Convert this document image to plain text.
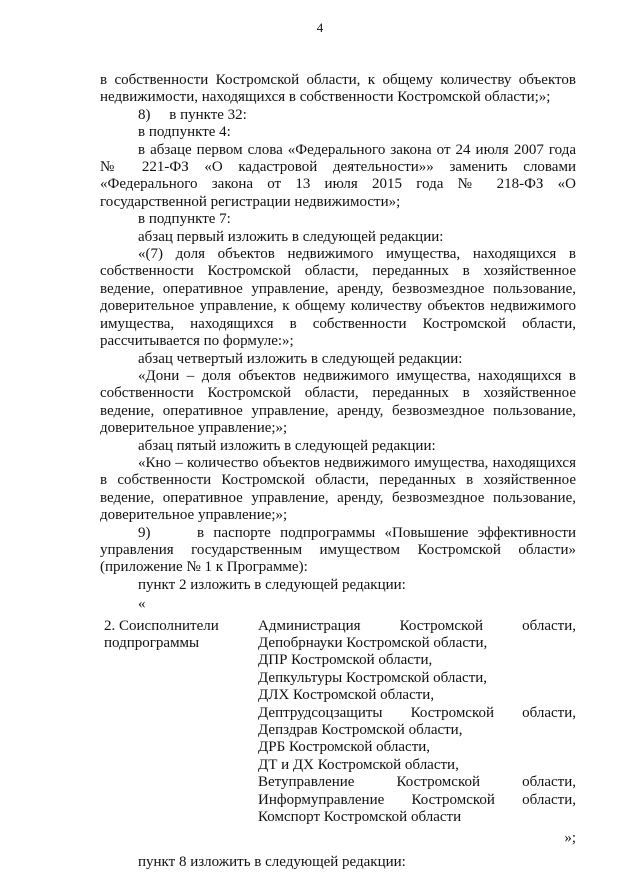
4

в собственности Костромской области, к общему количеству объектов недвижимости, находящихся в собственности Костромской области;»;

8)     в пункте 32:

в подпункте 4:

в абзаце первом слова «Федерального закона от 24 июля 2007 года № 221-ФЗ «О кадастровой деятельности»» заменить словами «Федерального закона от 13 июля 2015 года № 218-ФЗ «О государственной регистрации недвижимости»;

в подпункте 7:

абзац первый изложить в следующей редакции:

«(7) доля объектов недвижимого имущества, находящихся в собственности Костромской области, переданных в хозяйственное ведение, оперативное управление, аренду, безвозмездное пользование, доверительное управление, к общему количеству объектов недвижимого имущества, находящихся в собственности Костромской области, рассчитывается по формуле:»;

абзац четвертый изложить в следующей редакции:

«Дони – доля объектов недвижимого имущества, находящихся в собственности Костромской области, переданных в хозяйственное ведение, оперативное управление, аренду, безвозмездное пользование, доверительное управление;»;

абзац пятый изложить в следующей редакции:

«Кно – количество объектов недвижимого имущества, находящихся в собственности Костромской области, переданных в хозяйственное ведение, оперативное управление, аренду, безвозмездное пользование, доверительное управление;»;

9)     в паспорте подпрограммы «Повышение эффективности управления государственным имуществом Костромской области» (приложение № 1 к Программе):

пункт 2 изложить в следующей редакции:

«
2. Соисполнители подпрограммы
Администрация Костромской области,
Депобрнауки Костромской области,
ДПР Костромской области,
Депкультуры Костромской области,
ДЛХ Костромской области,
Дептрудсоцзащиты Костромской области,
Депздрав Костромской области,
ДРБ Костромской области,
ДТ и ДХ Костромской области,
Ветуправление Костромской области,
Информуправление Костромской области,
Комспорт Костромской области
»;

пункт 8 изложить в следующей редакции:
